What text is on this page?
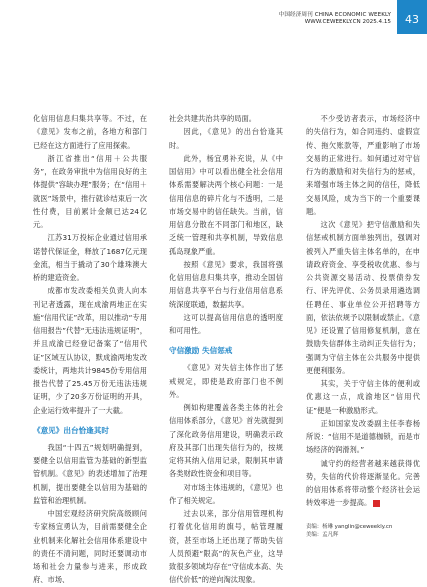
中国经济周刊 CHINA ECONOMIC WEEKLY
WWW.CEWEEKLY.CN 2025.4.15	43

化信用信息归集共享等。不过，在《意见》发布之前，各地方和部门已经在这方面进行了应用探索。

浙江省推出“信用＋公共服务”，在政务审批中为信用良好的主体提供“容缺办理”服务；在“信用＋就医”场景中，推行就诊结束后一次性付费，目前累计金额已达24亿元。

江苏31万投标企业通过信用承诺替代保证金，释放了1687亿元现金流，相当于撬动了30个雄珠澳大桥的建造资金。

成都市发改委相关负责人向本刊记者透露，现在成渝两地正在实施“信用代证”改革，用以推动“专用信用报告”代替“无违法违规证明”，并且成渝已经登记备案了“信用代证”区域互认协议，默成渝两地发改委统计，两地共计9845份专用信用报告代替了25.45万份无违法违规证明，少了20多万份证明的开具，企业运行效率提升了一大截。

《意见》出台恰逢其时

我国“十四五”规划明确提到，要健全以信用监管为基础的新型监管机制。《意见》的表述增加了治理机制，提出要健全以信用为基础的监管和治理机制。

中国宏观经济研究院高级顾问专家杨宜勇认为，目前需要健全企业机制来化解社会信用体系建设中的责任不清问题，同时还要调动市场和社会力量参与进来，形成政府、市场、

社会共建共治共享的局面。

因此，《意见》的出台恰逢其时。

此外，杨宜勇补充说，从《中国信用》中可以看出健全社会信用体系需要解决两个核心问题：一是信用信息的碎片化与不透明，二是市场交易中的信任缺失。当前，信用信息分散在不同部门和地区，缺乏统一管理和共享机制，导致信息孤岛现象严重。

按照《意见》要求，我国将强化信用信息归集共享，推动全国信用信息共享平台与行业信用信息系统深度联通，数据共享。

这可以提高信用信息的透明度和可用性。

守信激励 失信惩戒

《意见》对失信主体作出了惩戒规定，即使是政府部门也不例外。

例如构建覆盖各类主体的社会信用体系部分，《意见》首先就提到了深化政务信用建设，明确表示政府及其部门出现失信行为的，按规定将其纳入信用记录，限制其申请各类财政性资金和项目等。

对市场主体违规的，《意见》也作了相关规定。

过去以来，部分信用管理机构打着优化信用的旗号，帖管理履资，甚至市场上还出现了帮助失信人员预避“限高”的灰色产业，这导致很多领域均存在“守信成本高、失信代价低”的逆向淘汰现象。

不少受访者表示，市场经济中的失信行为，如合同违约、虚假宣传、拖欠账款等，严重影响了市场交易的正常进行。如何通过对守信行为的激励和对失信行为的惩戒，来增强市场主体之间的信任，降低交易风险，成为当下的一个重要课题。

这次《意见》把守信激励和失信惩戒机制方面单独列出，强调对被列入严重失信主体名单的，在申请政府资金、享受税收优惠、参与公共资源交易活动、投票债券发行、评先评优、公务员录用遴选调任聘任、事业单位公开招聘等方面，依法依规予以限制或禁止。《意见》还设置了信用修复机制，意在鼓励失信群体主动纠正失信行为；强调为守信主体在公共服务中提供更便利服务。

其实，关于守信主体的便利或优惠这一点，成渝地区“信用代证”便是一种激励形式。

正如国家发改委副主任李春杨所说：“信用不是道德枷锁，而是市场经济的润滑剂。”

诚守约的经营者越来越获得优势，失信的代价将逐渐显化。完善的信用体系将带动整个经济社会运转效率进一步提高。

责编：杨琳 yanglin@ceweekly.cn
美编：孟凡辉
